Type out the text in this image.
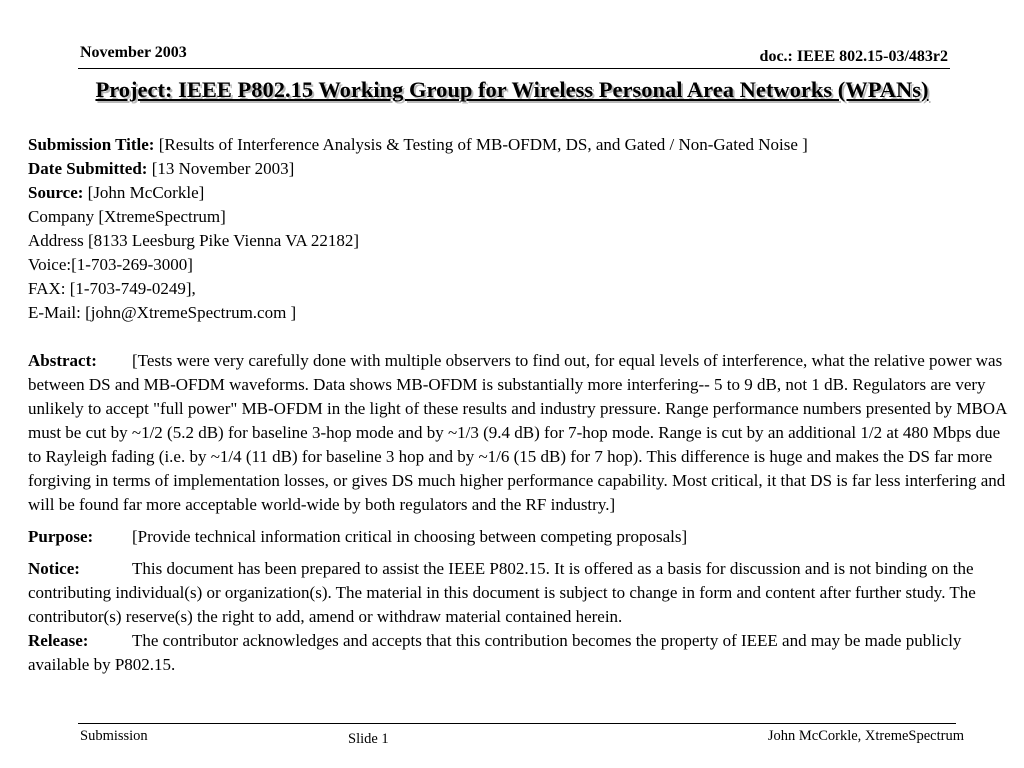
November 2003	doc.: IEEE 802.15-03/483r2
Project: IEEE P802.15 Working Group for Wireless Personal Area Networks (WPANs)
Submission Title: [Results of Interference Analysis & Testing of MB-OFDM, DS, and Gated / Non-Gated Noise ]
Date Submitted: [13 November 2003]
Source: [John McCorkle]
Company [XtremeSpectrum]
Address [8133 Leesburg Pike Vienna VA 22182]
Voice:[1-703-269-3000]
FAX: [1-703-749-0249],
E-Mail: [john@XtremeSpectrum.com ]

Abstract: [Tests were very carefully done with multiple observers to find out, for equal levels of interference, what the relative power was between DS and MB-OFDM waveforms. Data shows MB-OFDM is substantially more interfering-- 5 to 9 dB, not 1 dB. Regulators are very unlikely to accept "full power" MB-OFDM in the light of these results and industry pressure. Range performance numbers presented by MBOA must be cut by ~1/2 (5.2 dB) for baseline 3-hop mode and by ~1/3 (9.4 dB) for 7-hop mode. Range is cut by an additional 1/2 at 480 Mbps due to Rayleigh fading (i.e. by ~1/4 (11 dB) for baseline 3 hop and by ~1/6 (15 dB) for 7 hop). This difference is huge and makes the DS far more forgiving in terms of implementation losses, or gives DS much higher performance capability. Most critical, it that DS is far less interfering and will be found far more acceptable world-wide by both regulators and the RF industry.]

Purpose: [Provide technical information critical in choosing between competing proposals]

Notice:	This document has been prepared to assist the IEEE P802.15. It is offered as a basis for discussion and is not binding on the contributing individual(s) or organization(s). The material in this document is subject to change in form and content after further study. The contributor(s) reserve(s) the right to add, amend or withdraw material contained herein.

Release:	The contributor acknowledges and accepts that this contribution becomes the property of IEEE and may be made publicly available by P802.15.

Submission	Slide 1	John McCorkle, XtremeSpectrum
